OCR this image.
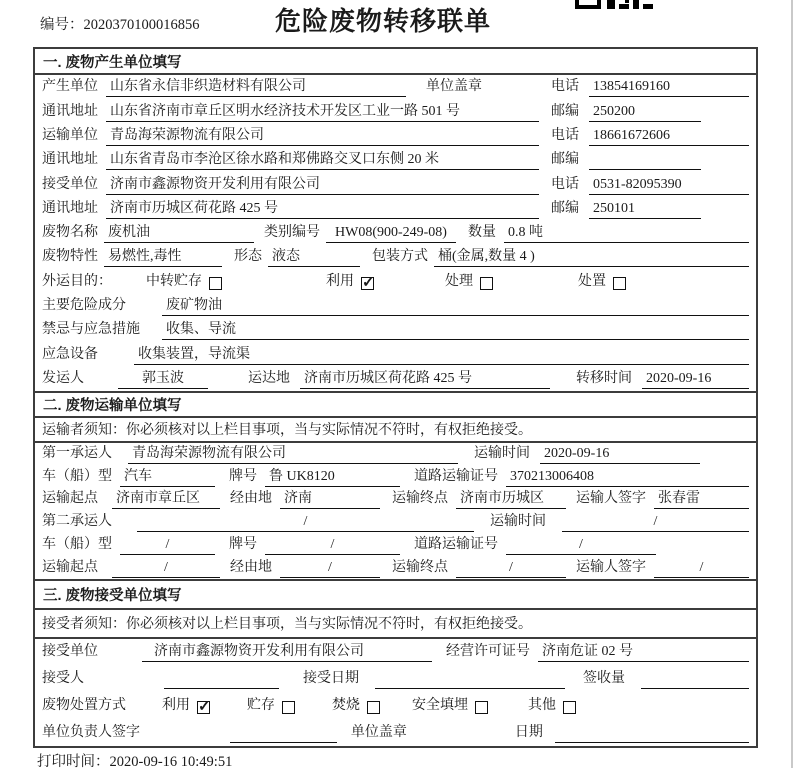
编号：2020370100016856	危险废物转移联单
一. 废物产生单位填写
产生单位 山东省永信非织造材料有限公司	单位盖章	电话 13854169160
通讯地址 山东省济南市章丘区明水经济技术开发区工业一路 501 号	邮编 250200
运输单位 青岛海荣源物流有限公司	电话 18661672606
通讯地址 山东省青岛市李沧区徐水路和郑佛路交叉口东侧 20 米	邮编
接受单位 济南市鑫源物资开发利用有限公司	电话 0531-82095390
通讯地址 济南市历城区荷花路 425 号	邮编 250101
废物名称 废机油	类别编号	HW08(900-249-08)	数量 0.8 吨
废物特性 易燃性,毒性	形态 液态	包装方式 桶(金属,数量 4 )
外运目的： 中转贮存	利用 ✓	处理	处置
主要危险成分	废矿物油
禁忌与应急措施 收集、导流
应急设备	收集装置，导流渠
发运人	郭玉波	运达地 济南市历城区荷花路 425 号	转移时间 2020-09-16
二. 废物运输单位填写
运输者须知：你必须核对以上栏目事项，当与实际情况不符时，有权拒绝接受。
第一承运人 青岛海荣源物流有限公司	运输时间 2020-09-16
车（船）型 汽车	牌号 鲁 UK8120	道路运输证号 370213006408
运输起点 济南市章丘区	经由地 济南	运输终点 济南市历城区	运输人签字 张春雷
第二承运人	/	运输时间	/
车（船）型	/	牌号	/	道路运输证号	/
运输起点	/	经由地	/	运输终点	/	运输人签字	/
三. 废物接受单位填写
接受者须知：你必须核对以上栏目事项，当与实际情况不符时，有权拒绝接受。
接受单位	济南市鑫源物资开发利用有限公司	经营许可证号 济南危证 02 号
接受人	接受日期	签收量
废物处置方式	利用 ✓	贮存	焚烧	安全填埋	其他
单位负责人签字	单位盖章	日期
打印时间：2020-09-16 10:49:51
